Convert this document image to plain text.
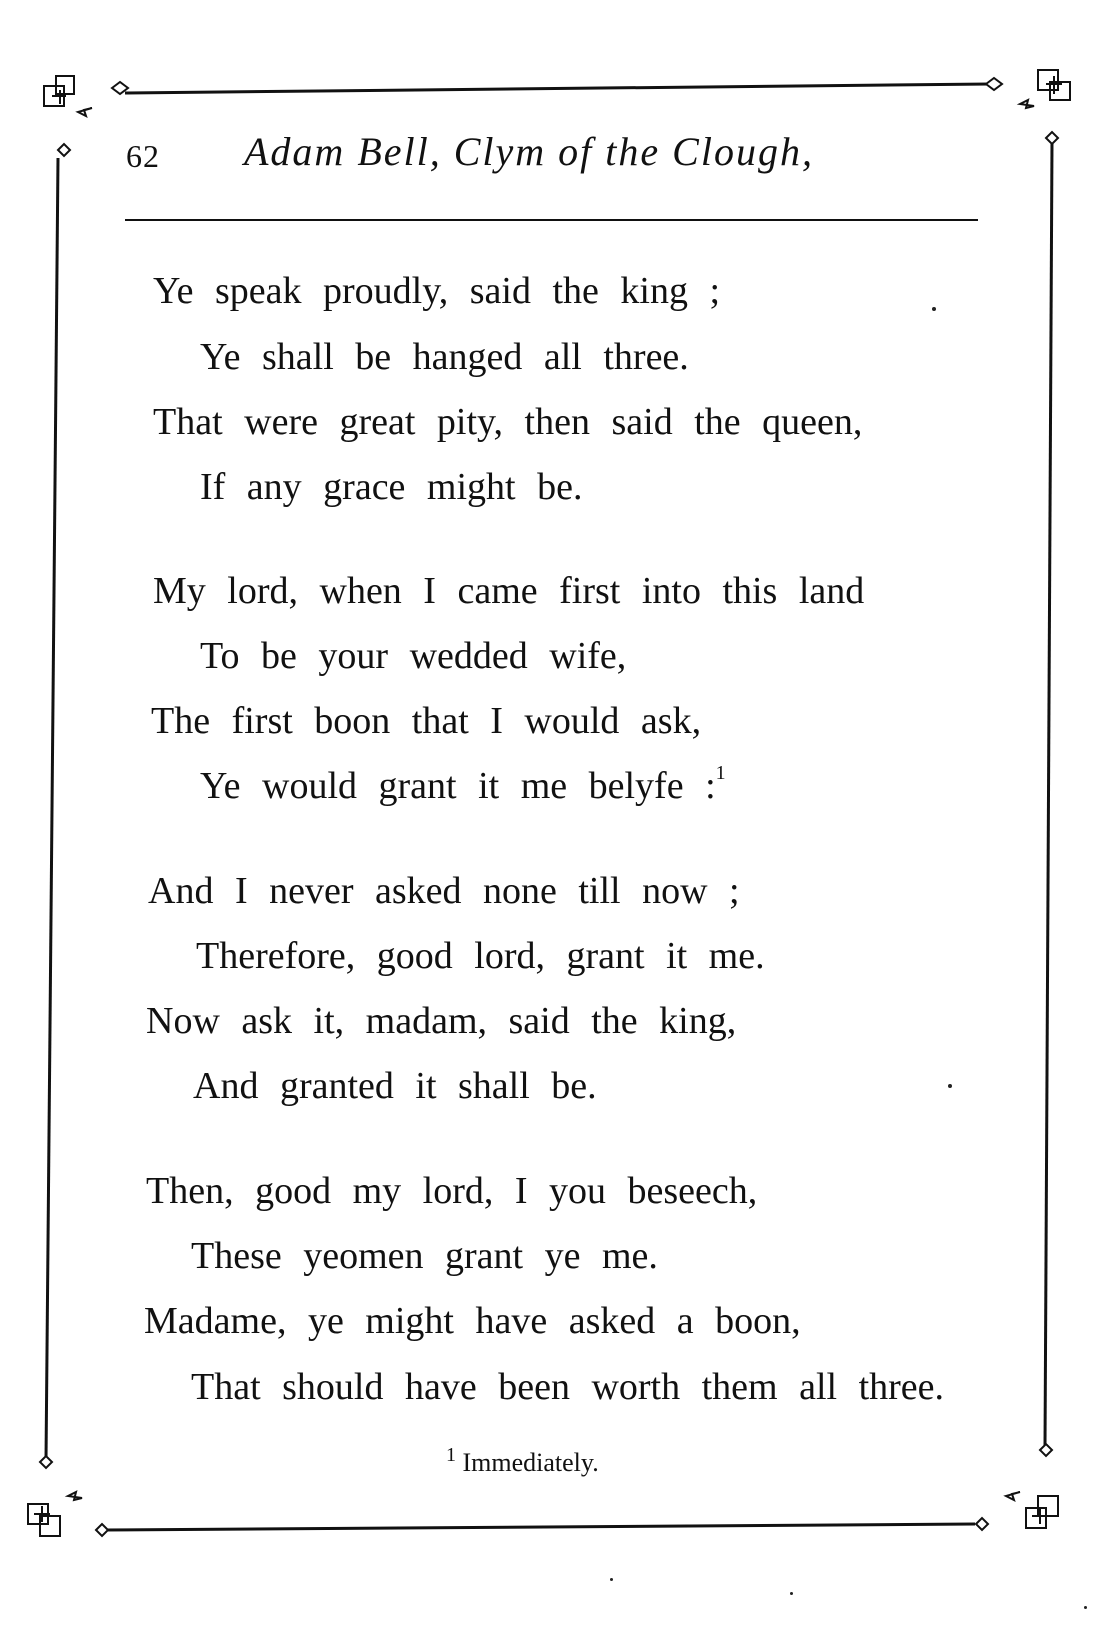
62 Adam Bell, Clym of the Clough,
Ye speak proudly, said the king ;
Ye shall be hanged all three.
That were great pity, then said the queen,
If any grace might be.
My lord, when I came first into this land
To be your wedded wife,
The first boon that I would ask,
Ye would grant it me belyfe :$^1$
And I never asked none till now ;
Therefore, good lord, grant it me.
Now ask it, madam, said the king,
And granted it shall be.
Then, good my lord, I you beseech,
These yeomen grant ye me.
Madame, ye might have asked a boon,
That should have been worth them all three.
$^1$ Immediately.
